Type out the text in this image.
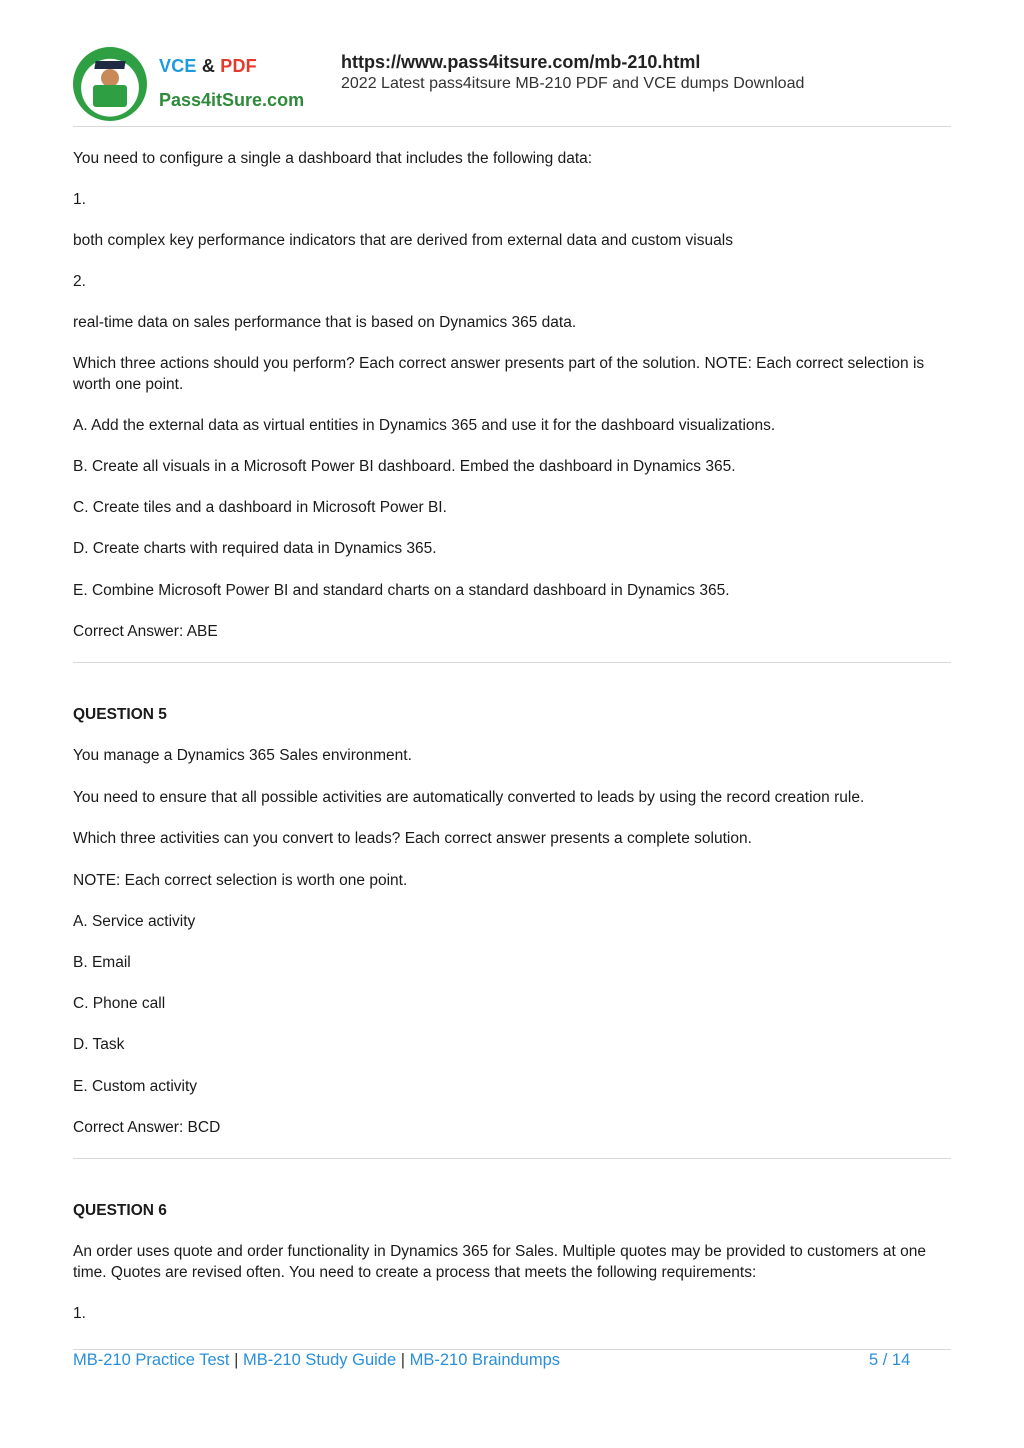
VCE & PDF
Pass4itSure.com
https://www.pass4itsure.com/mb-210.html
2022 Latest pass4itsure MB-210 PDF and VCE dumps Download
You need to configure a single a dashboard that includes the following data:
1.
both complex key performance indicators that are derived from external data and custom visuals
2.
real-time data on sales performance that is based on Dynamics 365 data.
Which three actions should you perform? Each correct answer presents part of the solution. NOTE: Each correct selection is worth one point.
A. Add the external data as virtual entities in Dynamics 365 and use it for the dashboard visualizations.
B. Create all visuals in a Microsoft Power BI dashboard. Embed the dashboard in Dynamics 365.
C. Create tiles and a dashboard in Microsoft Power BI.
D. Create charts with required data in Dynamics 365.
E. Combine Microsoft Power BI and standard charts on a standard dashboard in Dynamics 365.
Correct Answer: ABE
QUESTION 5
You manage a Dynamics 365 Sales environment.
You need to ensure that all possible activities are automatically converted to leads by using the record creation rule.
Which three activities can you convert to leads? Each correct answer presents a complete solution.
NOTE: Each correct selection is worth one point.
A. Service activity
B. Email
C. Phone call
D. Task
E. Custom activity
Correct Answer: BCD
QUESTION 6
An order uses quote and order functionality in Dynamics 365 for Sales. Multiple quotes may be provided to customers at one time. Quotes are revised often. You need to create a process that meets the following requirements:
1.
MB-210 Practice Test | MB-210 Study Guide | MB-210 Braindumps	5 / 14
